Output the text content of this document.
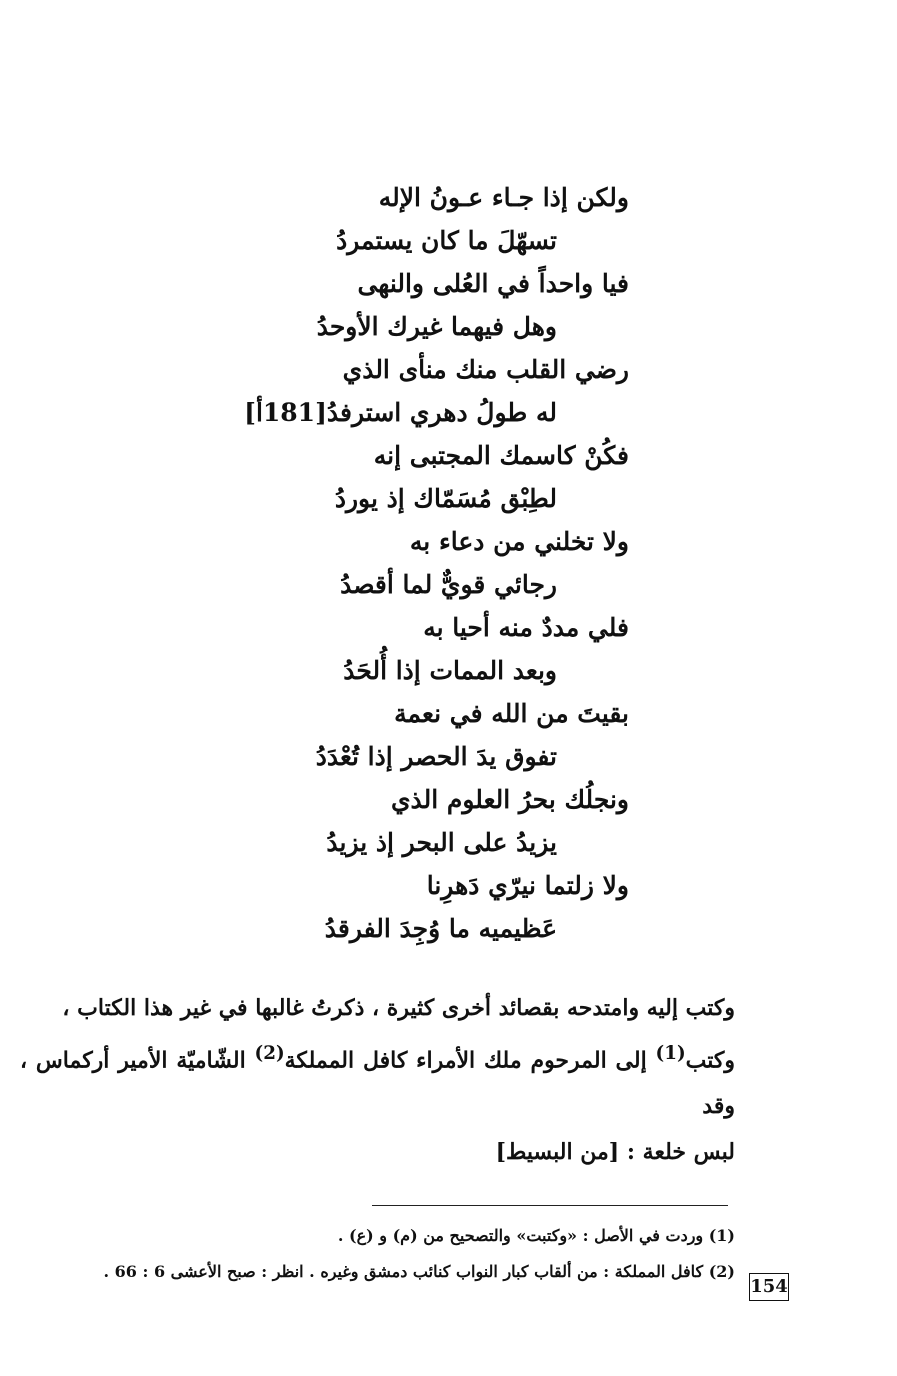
ولكن إذا جـاء عـونُ الإله
تسهّلَ ما كان يستمردُ
فيا واحداً في العُلى والنهى
وهل فيهما غيرك الأوحدُ
رضي القلب منك منأى الذي
له طولُ دهري استرفدُ[181أ]
فكُنْ كاسمك المجتبى إنه
لطِبْق مُسَمّاك إذ يوردُ
ولا تخلني من دعاء به
رجائي قويٌّ لما أقصدُ
فلي مددٌ منه أحيا به
وبعد الممات إذا أُلحَدُ
بقيتَ من الله في نعمة
تفوق يدَ الحصر إذا تُعْدَدُ
ونجلُك بحرُ العلوم الذي
يزيدُ على البحر إذ يزيدُ
ولا زلتما نيرّي دَهرِنا
عَظيميه ما وُجِدَ الفرقدُ

وكتب إليه وامتدحه بقصائد أخرى كثيرة ، ذكرتُ غالبها في غير هذا الكتاب ،

وكتب$^{(1)}$ إلى المرحوم ملك الأمراء كافل المملكة$^{(2)}$ الشّاميّة الأمير أركماس ، وقد

لبس خلعة : [من البسيط]

(1) وردت في الأصل : «وكتبت» والتصحيح من (م) و (ع) .

(2) كافل المملكة : من ألقاب كبار النواب كنائب دمشق وغيره . انظر : صبح الأعشى 6 : 66 .

154
